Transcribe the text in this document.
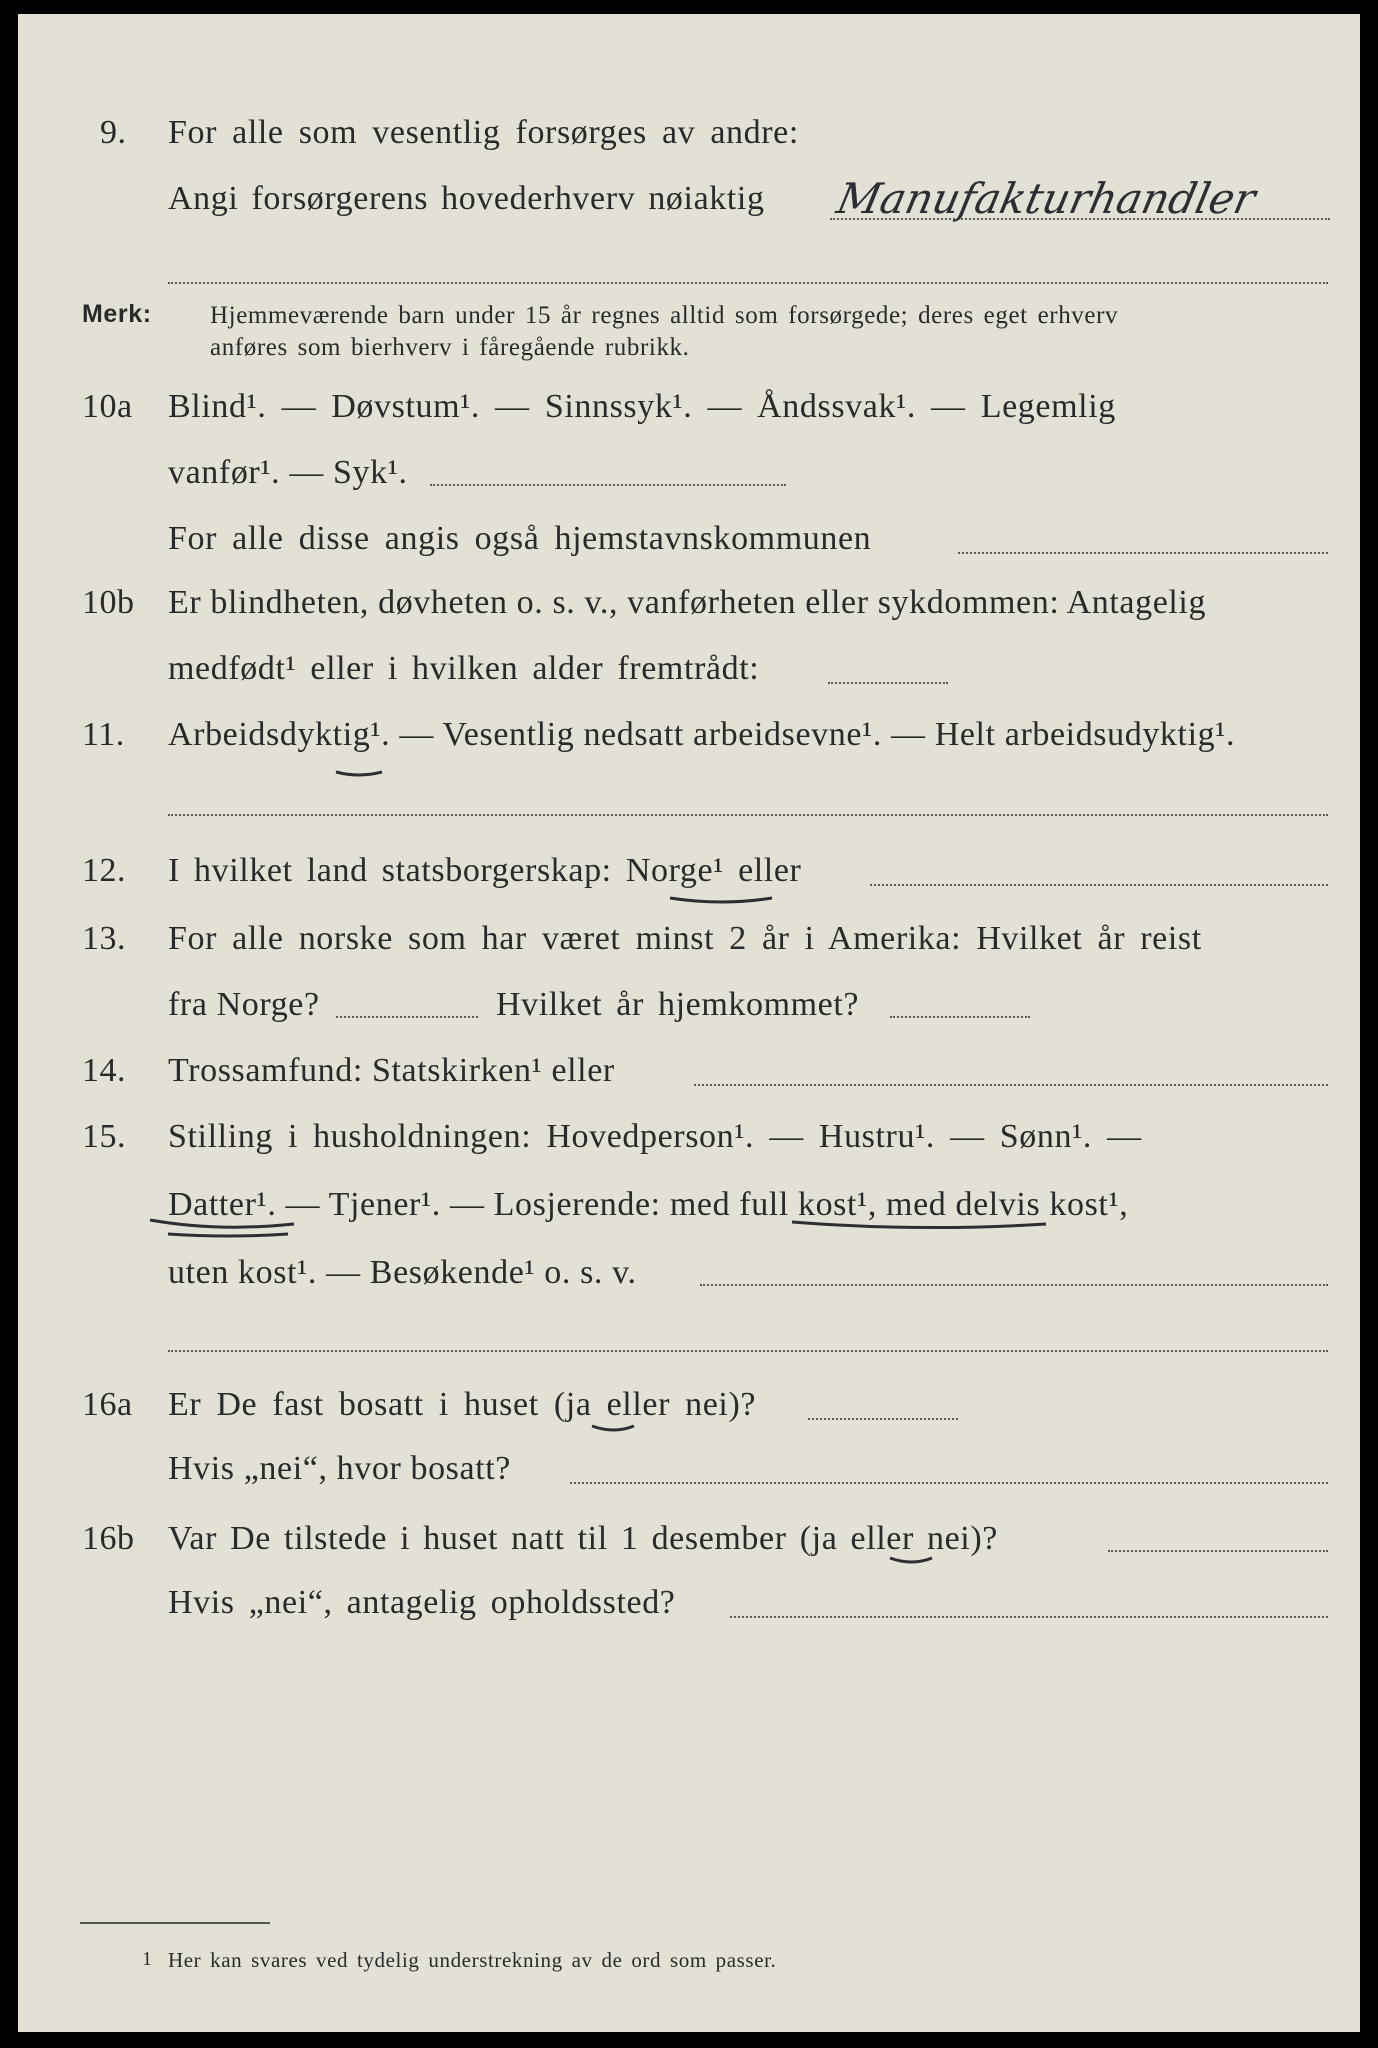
9. For alle som vesentlig forsørges av andre:
Angi forsørgerens hovederhverv nøiaktig Manufakturhandler
Merk: Hjemmeværende barn under 15 år regnes alltid som forsørgede; deres eget erhverv
anføres som bierhverv i fåregående rubrikk.
10a Blind¹. — Døvstum¹. — Sinnssyk¹. — Åndssvak¹. — Legemlig
vanfør¹. — Syk¹.
For alle disse angis også hjemstavnskommunen
10b Er blindheten, døvheten o. s. v., vanførheten eller sykdommen: Antagelig
medfødt¹ eller i hvilken alder fremtrådt:
11. Arbeidsdyktig¹. — Vesentlig nedsatt arbeidsevne¹. — Helt arbeidsudyktig¹.
12. I hvilket land statsborgerskap: Norge¹ eller
13. For alle norske som har været minst 2 år i Amerika: Hvilket år reist
fra Norge?	Hvilket år hjemkommet?
14. Trossamfund: Statskirken¹ eller
15. Stilling i husholdningen: Hovedperson¹. — Hustru¹. — Sønn¹. —
Datter¹. — Tjener¹. — Losjerende: med full kost¹, med delvis kost¹,
uten kost¹. — Besøkende¹ o. s. v.
16a Er De fast bosatt i huset (ja eller nei)?
Hvis „nei“, hvor bosatt?
16b Var De tilstede i huset natt til 1 desember (ja eller nei)?
Hvis „nei“, antagelig opholdssted?
1 Her kan svares ved tydelig understrekning av de ord som passer.
